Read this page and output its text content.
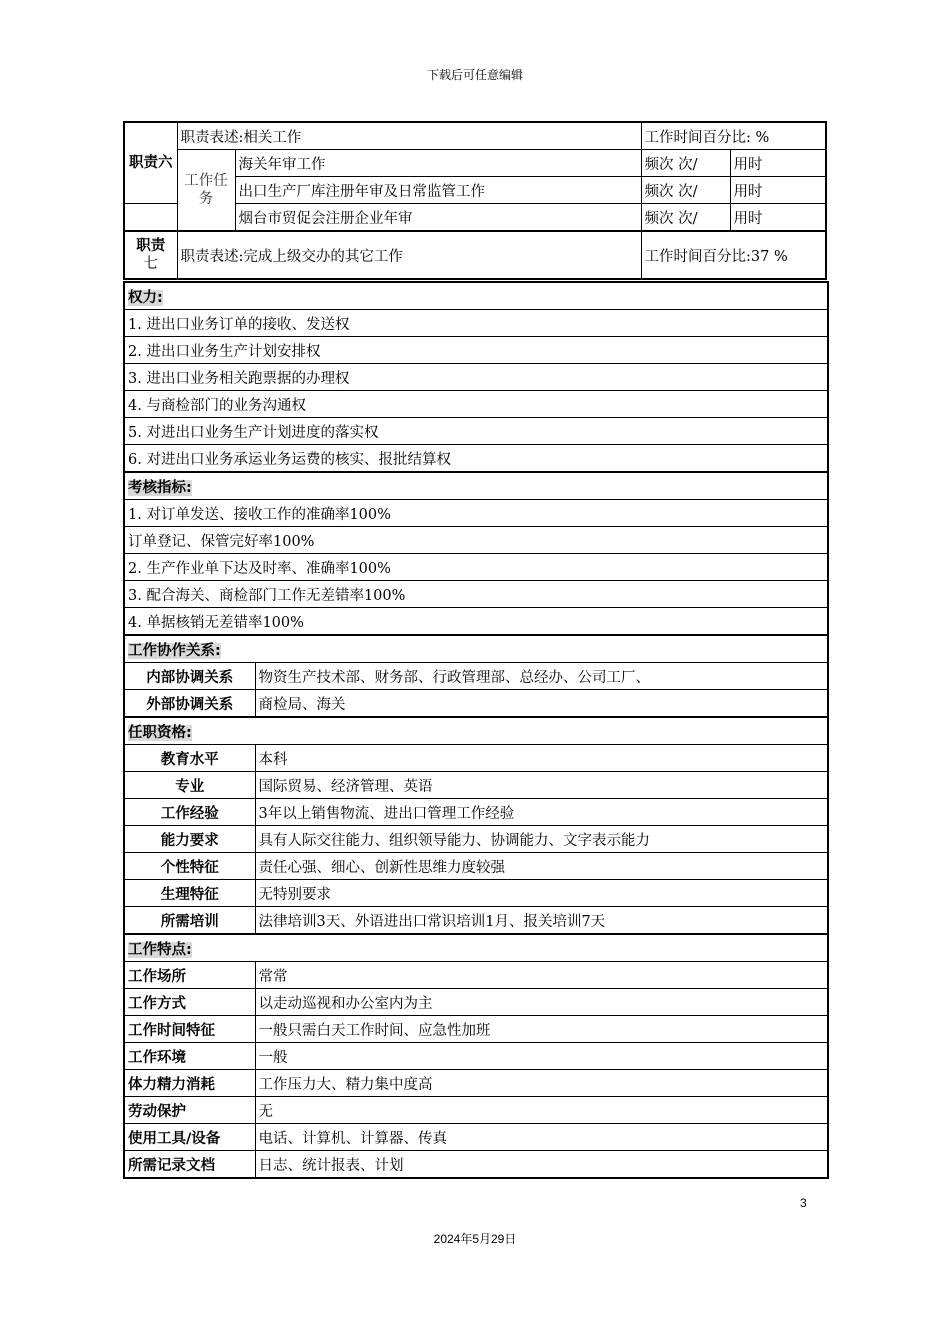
下载后可任意编辑
职责六	职责表述:相关工作		工作时间百分比: %	
	工作任务	海关年审工作	频次 次/	用时
		出口生产厂库注册年审及日常监管工作	频次 次/	用时
		烟台市贸促会注册企业年审	频次 次/	用时

职责
七	职责表述:完成上级交办的其它工作		工作时间百分比:37 %	
权力:	
1. 进出口业务订单的接收、发送权	
2. 进出口业务生产计划安排权	
3. 进出口业务相关跑票据的办理权	
4. 与商检部门的业务沟通权	
5. 对进出口业务生产计划进度的落实权	
6. 对进出口业务承运业务运费的核实、报批结算权	
考核指标:	
1. 对订单发送、接收工作的准确率100%	
订单登记、保管完好率100%	
2. 生产作业单下达及时率、准确率100%	
3. 配合海关、商检部门工作无差错率100%	
4. 单据核销无差错率100%	
工作协作关系:	
内部协调关系	物资生产技术部、财务部、行政管理部、总经办、公司工厂、
外部协调关系	商检局、海关
任职资格:	
教育水平	本科
专业	国际贸易、经济管理、英语
工作经验	3年以上销售物流、进出口管理工作经验
能力要求	具有人际交往能力、组织领导能力、协调能力、文字表示能力
个性特征	责任心强、细心、创新性思维力度较强
生理特征	无特别要求
所需培训	法律培训3天、外语进出口常识培训1月、报关培训7天
工作特点:	
工作场所	常常
工作方式	以走动巡视和办公室内为主
工作时间特征	一般只需白天工作时间、应急性加班
工作环境	一般
体力精力消耗	工作压力大、精力集中度高
劳动保护	无
使用工具/设备	电话、计算机、计算器、传真
所需记录文档	日志、统计报表、计划
3
2024年5月29日
